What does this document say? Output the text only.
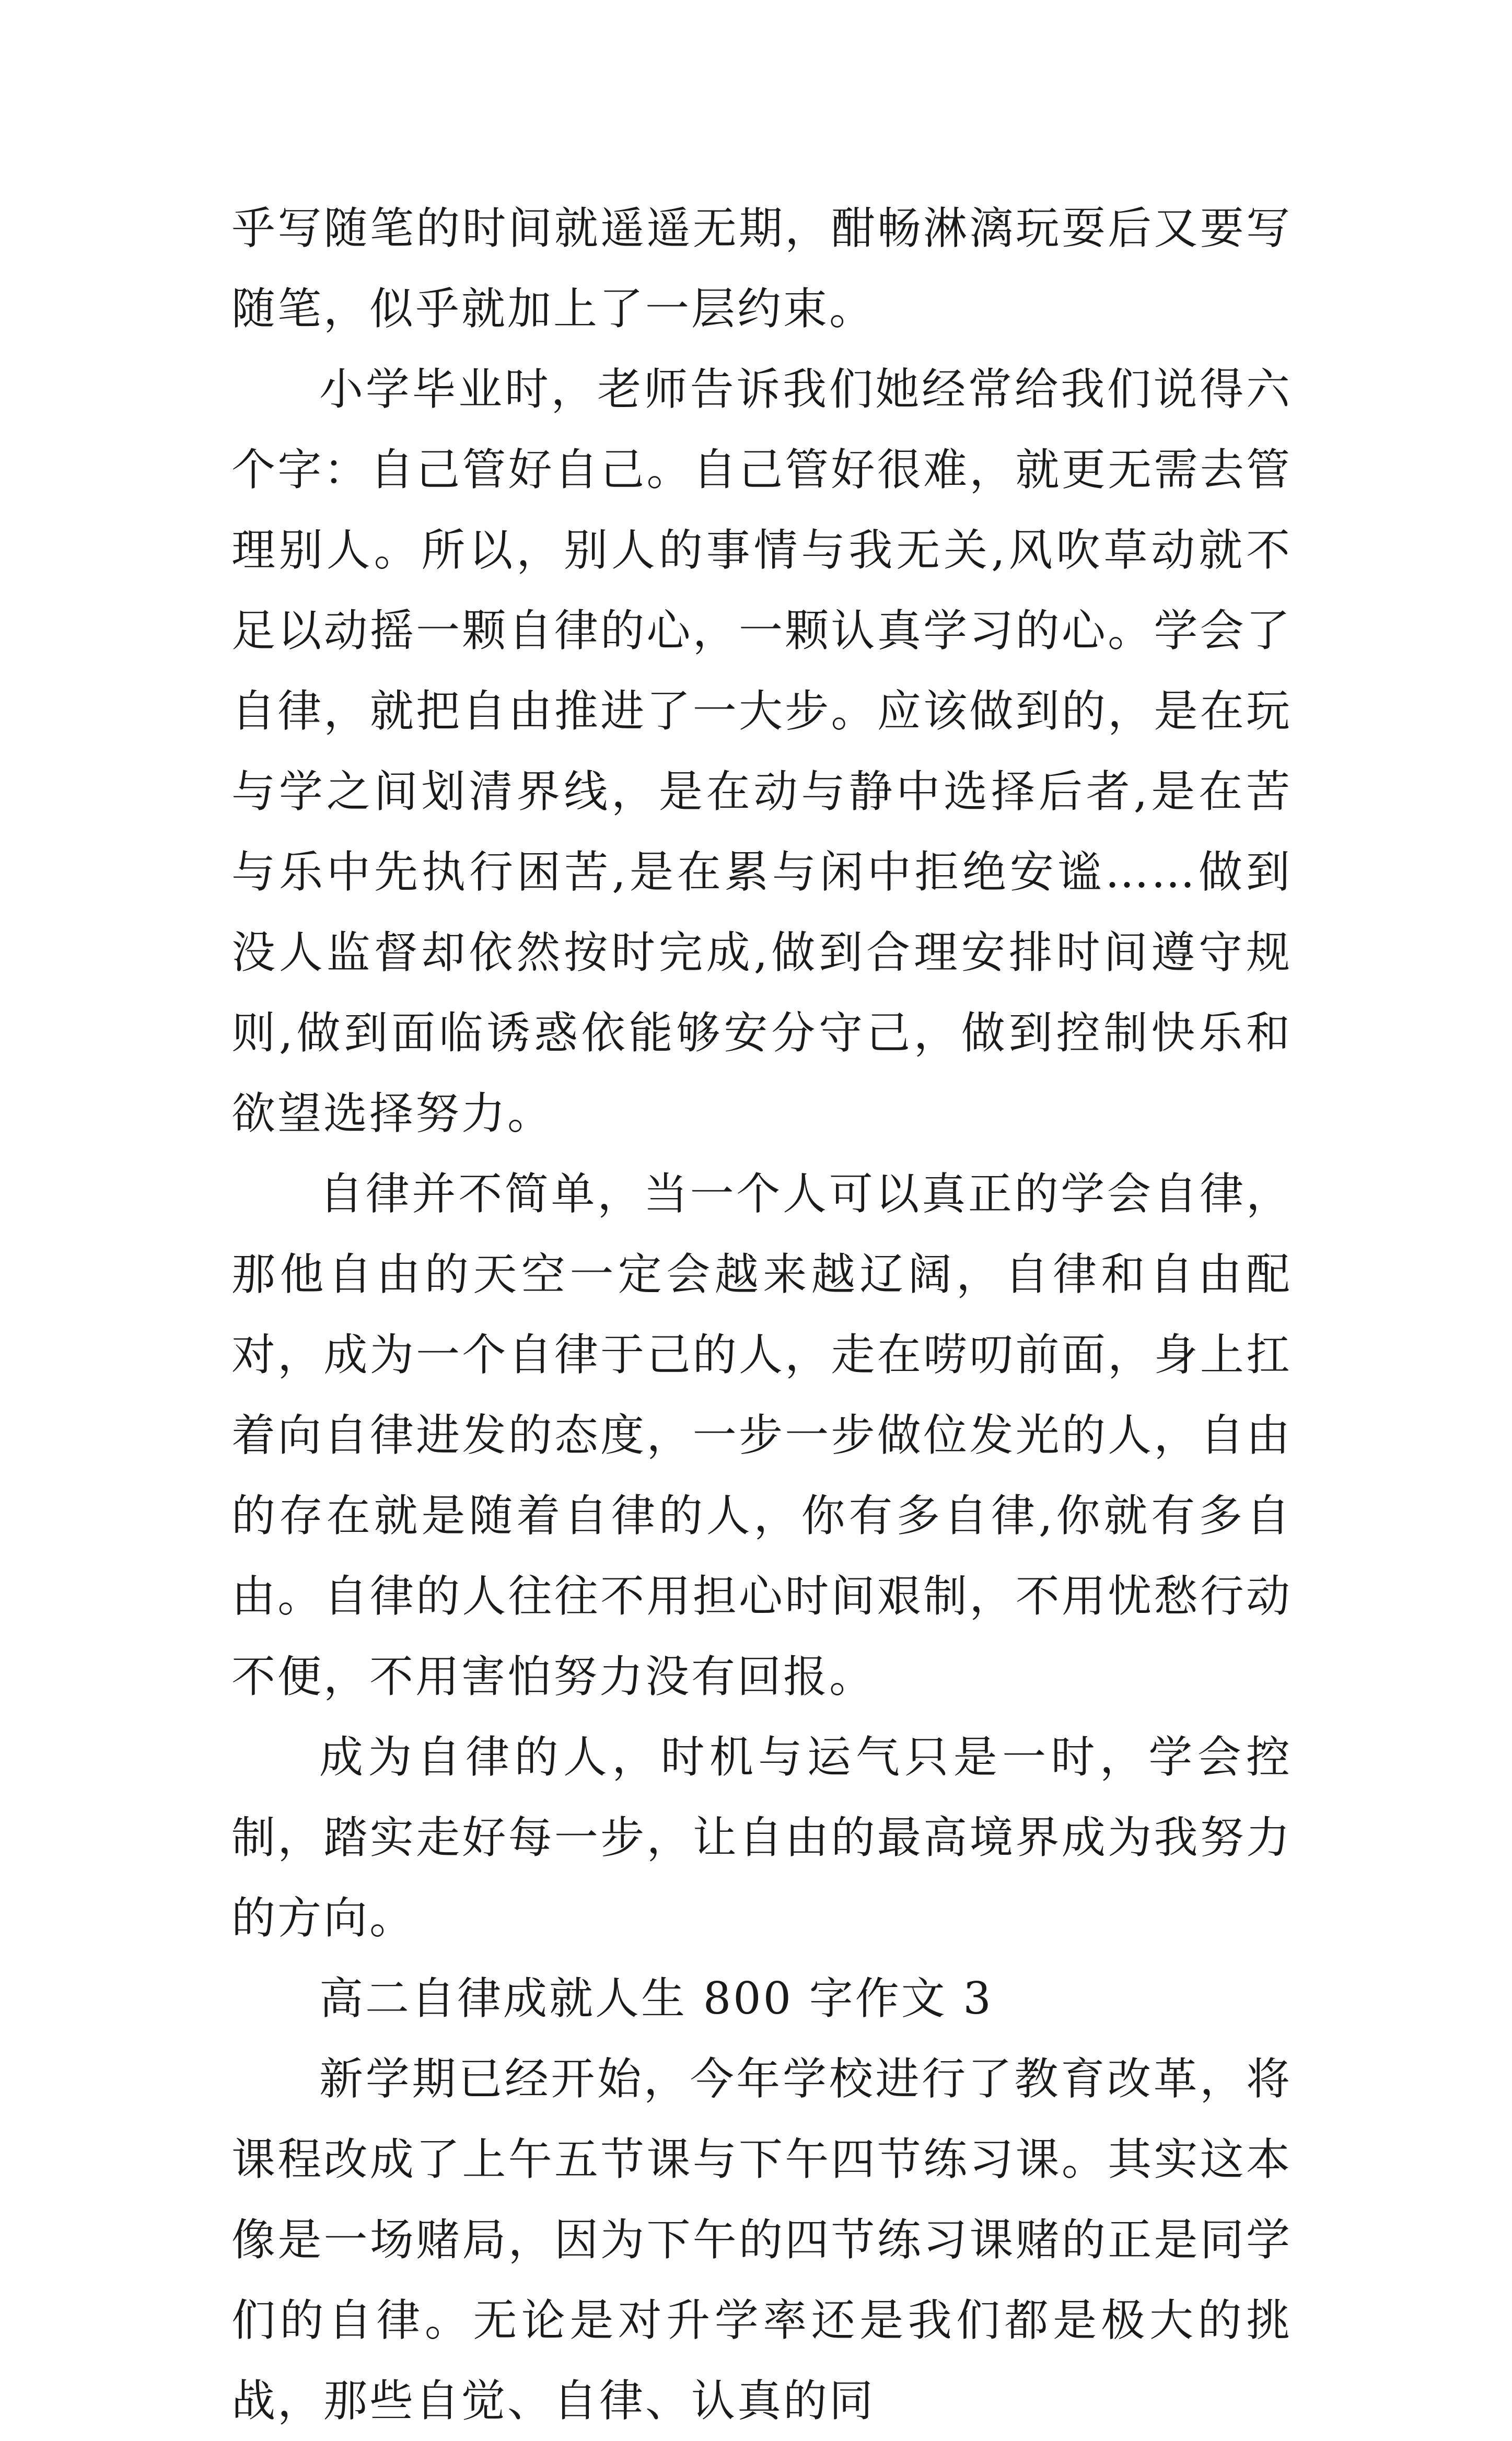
乎写随笔的时间就遥遥无期，酣畅淋漓玩耍后又要写随笔，似乎就加上了一层约束。

小学毕业时，老师告诉我们她经常给我们说得六个字：自己管好自己。自己管好很难，就更无需去管理别人。所以，别人的事情与我无关,风吹草动就不足以动摇一颗自律的心，一颗认真学习的心。学会了自律，就把自由推进了一大步。应该做到的，是在玩与学之间划清界线，是在动与静中选择后者,是在苦与乐中先执行困苦,是在累与闲中拒绝安谧……做到没人监督却依然按时完成,做到合理安排时间遵守规则,做到面临诱惑依能够安分守己，做到控制快乐和欲望选择努力。

自律并不简单，当一个人可以真正的学会自律，那他自由的天空一定会越来越辽阔，自律和自由配对，成为一个自律于己的人，走在唠叨前面，身上扛着向自律进发的态度，一步一步做位发光的人，自由的存在就是随着自律的人，你有多自律,你就有多自由。自律的人往往不用担心时间艰制，不用忧愁行动不便，不用害怕努力没有回报。

成为自律的人，时机与运气只是一时，学会控制，踏实走好每一步，让自由的最高境界成为我努力的方向。

高二自律成就人生 800 字作文 3

新学期已经开始，今年学校进行了教育改革，将课程改成了上午五节课与下午四节练习课。其实这本像是一场赌局，因为下午的四节练习课赌的正是同学们的自律。无论是对升学率还是我们都是极大的挑战，那些自觉、自律、认真的同
